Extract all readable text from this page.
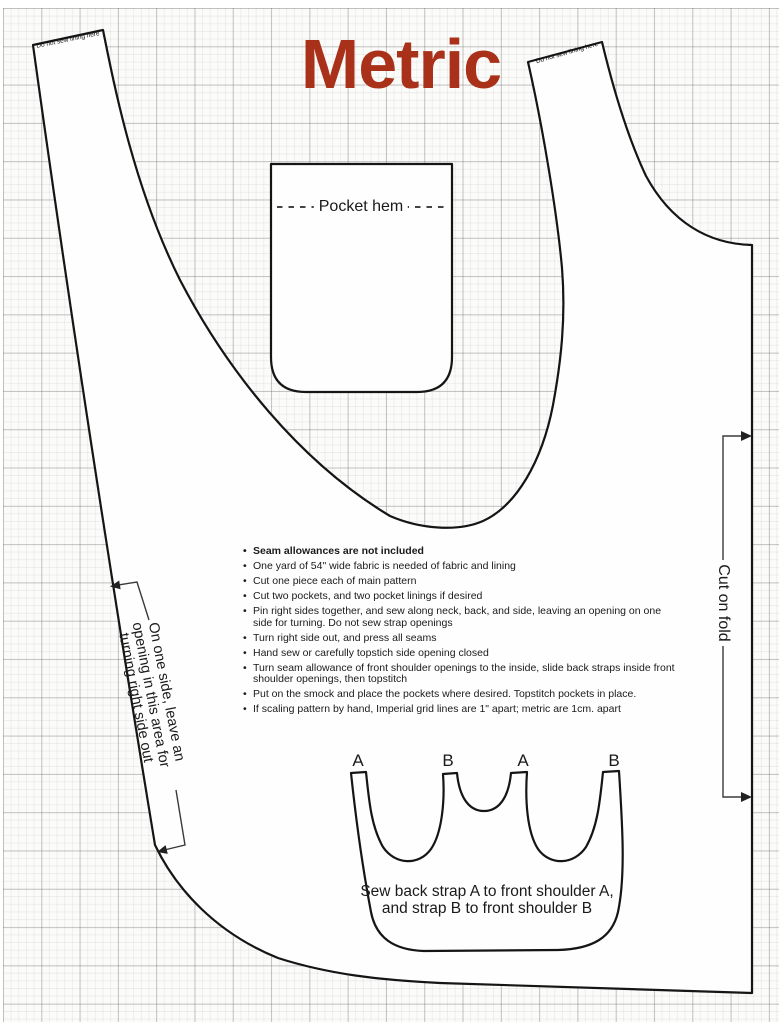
Metric
Do not sew lining here
Do not sew lining here
Pocket hem
• Seam allowances are not included
• One yard of 54" wide fabric is needed of fabric and lining
• Cut one piece each of main pattern
• Cut two pockets, and two pocket linings if desired
• Pin right sides together, and sew along neck, back, and side, leaving an opening on one side for turning. Do not sew strap openings
• Turn right side out, and press all seams
• Hand sew or carefully topstich side opening closed
• Turn seam allowance of front shoulder openings to the inside, slide back straps inside front shoulder openings, then topstitch
• Put on the smock and place the pockets where desired. Topstitch pockets in place.
• If scaling pattern by hand, Imperial grid lines are 1" apart; metric are 1cm. apart
Cut on fold
On one side, leave an opening in this area for turning right side out	A	B	A	B
Sew back strap A to front shoulder A, and strap B to front shoulder B
